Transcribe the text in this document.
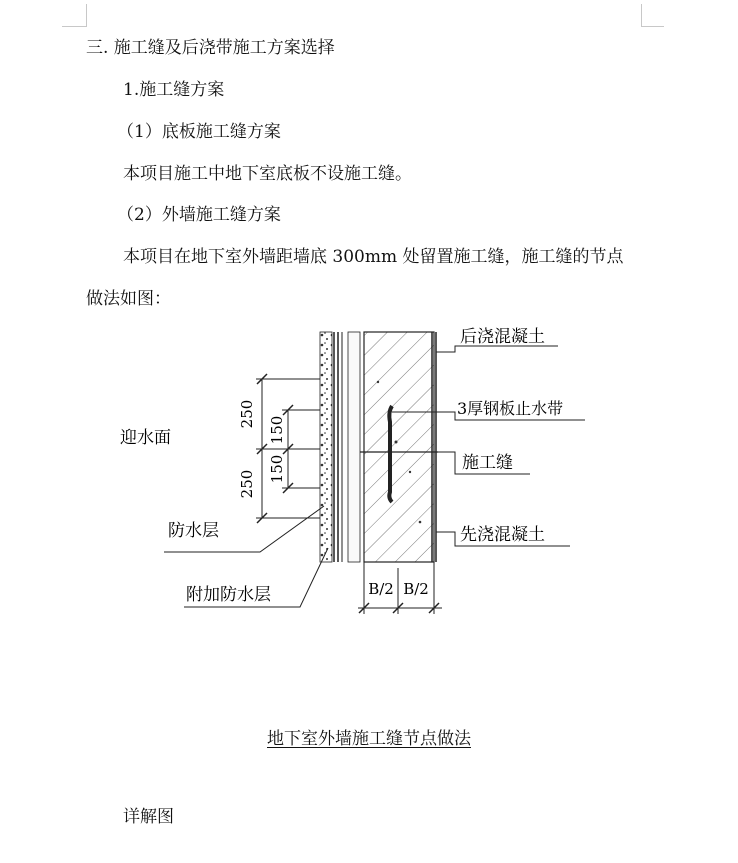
三. 施工缝及后浇带施工方案选择
1.施工缝方案
（1）底板施工缝方案
本项目施工中地下室底板不设施工缝。
（2）外墙施工缝方案
本项目在地下室外墙距墙底 300mm 处留置施工缝，施工缝的节点
做法如图：
250
250
150
150
B/2 B/2
后浇混凝土
3厚钢板止水带
施工缝
先浇混凝土
迎水面
防水层
附加防水层
地下室外墙施工缝节点做法
详解图
